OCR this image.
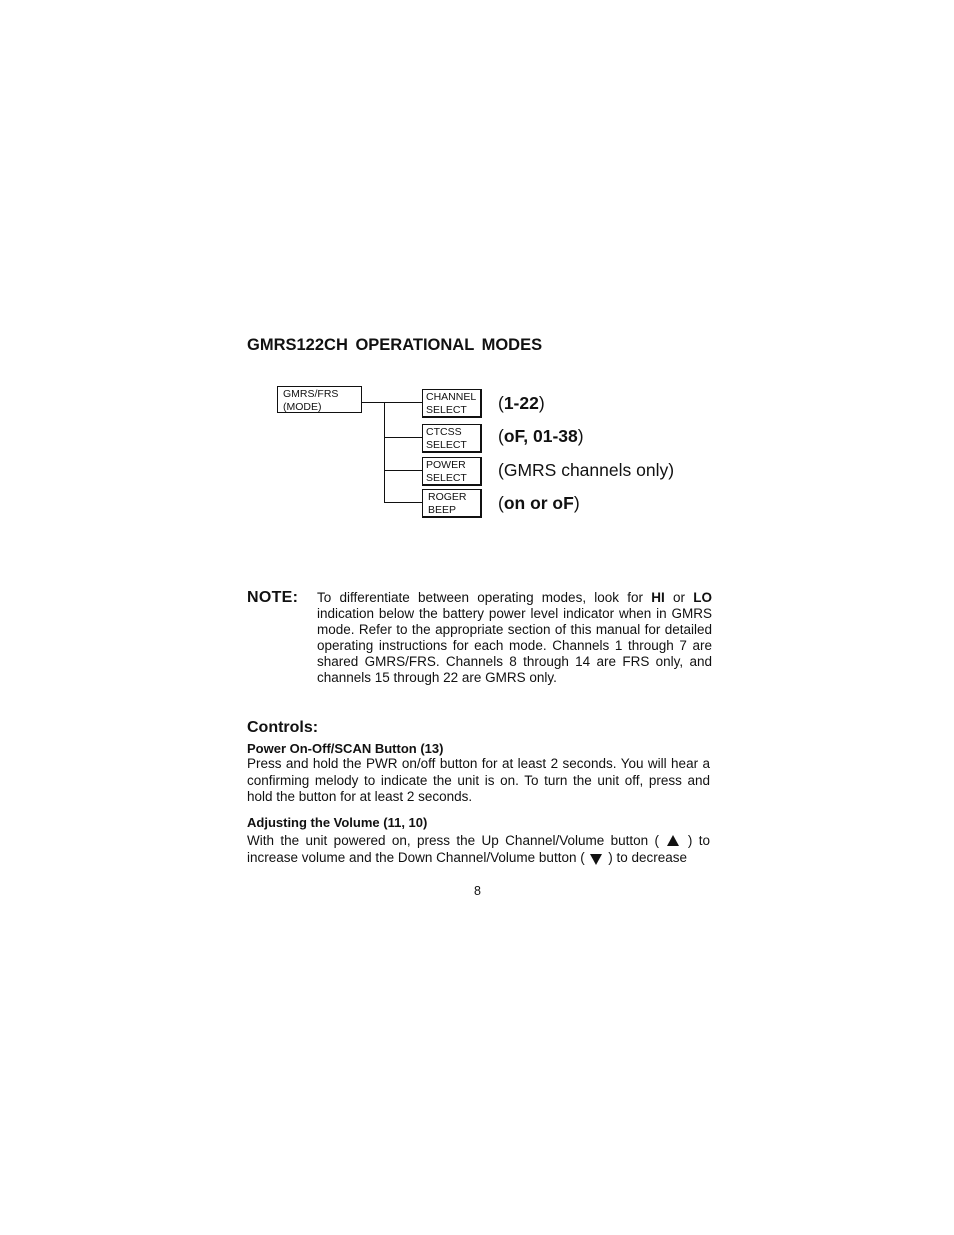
GMRS122CH OPERATIONAL MODES
GMRS/FRS
(MODE)
CHANNEL
SELECT
CTCSS
SELECT
POWER
SELECT
ROGER
BEEP
(1-22)
(oF, 01-38)
(GMRS channels only)
(on or oF)
NOTE: To differentiate between operating modes, look for HI or LO indication below the battery power level indicator when in GMRS mode. Refer to the appropriate section of this manual for detailed operating instructions for each mode. Channels 1 through 7 are shared GMRS/FRS. Channels 8 through 14 are FRS only, and channels 15 through 22 are GMRS only.
Controls:
Power On-Off/SCAN Button (13)
Press and hold the PWR on/off button for at least 2 seconds. You will hear a confirming melody to indicate the unit is on. To turn the unit off, press and hold the button for at least 2 seconds.
Adjusting the Volume (11, 10)
With the unit powered on, press the Up Channel/Volume button ( ) to increase volume and the Down Channel/Volume button ( ) to decrease
8
